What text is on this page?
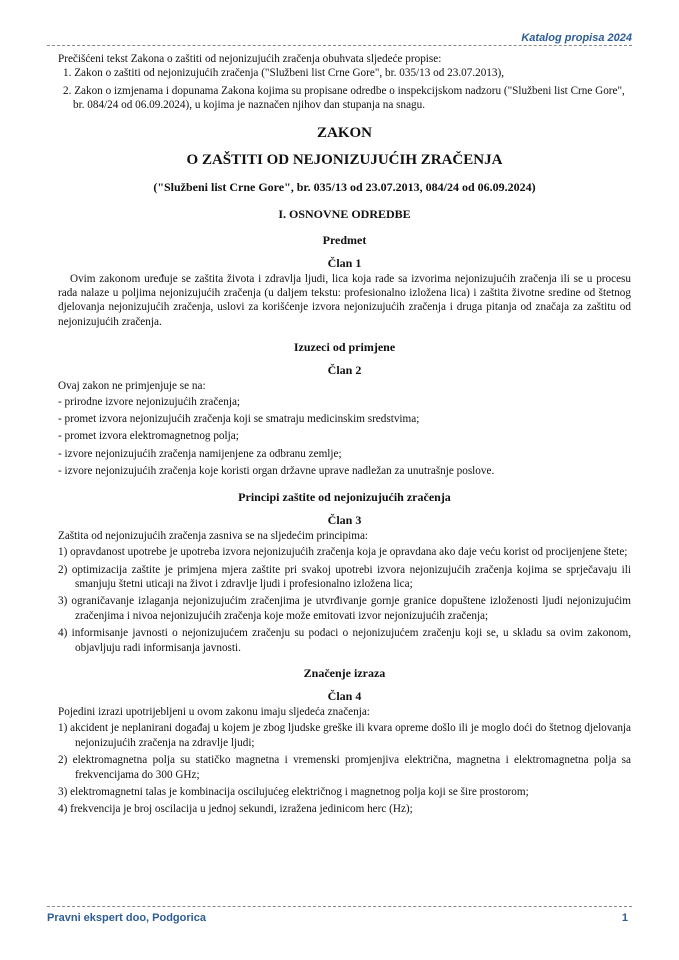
Katalog propisa 2024

Prečišćeni tekst Zakona o zaštiti od nejonizujućih zračenja obuhvata sljedeće propise:

1. Zakon o zaštiti od nejonizujućih zračenja ("Službeni list Crne Gore", br. 035/13 od 23.07.2013),

2. Zakon o izmjenama i dopunama Zakona kojima su propisane odredbe o inspekcijskom nadzoru ("Službeni list Crne Gore", br. 084/24 od 06.09.2024), u kojima je naznačen njihov dan stupanja na snagu.

ZAKON

O ZAŠTITI OD NEJONIZUJUĆIH ZRAČENJA

("Službeni list Crne Gore", br. 035/13 od 23.07.2013, 084/24 od 06.09.2024)

I. OSNOVNE ODREDBE

Predmet

Član 1

Ovim zakonom uređuje se zaštita života i zdravlja ljudi, lica koja rade sa izvorima nejonizujućih zračenja ili se u procesu rada nalaze u poljima nejonizujućih zračenja (u daljem tekstu: profesionalno izložena lica) i zaštita životne sredine od štetnog djelovanja nejonizujućih zračenja, uslovi za korišćenje izvora nejonizujućih zračenja i druga pitanja od značaja za zaštitu od nejonizujućih zračenja.

Izuzeci od primjene

Član 2

Ovaj zakon ne primjenjuje se na:

- prirodne izvore nejonizujućih zračenja;

- promet izvora nejonizujućih zračenja koji se smatraju medicinskim sredstvima;

- promet izvora elektromagnetnog polja;

- izvore nejonizujućih zračenja namijenjene za odbranu zemlje;

- izvore nejonizujućih zračenja koje koristi organ državne uprave nadležan za unutrašnje poslove.

Principi zaštite od nejonizujućih zračenja

Član 3

Zaštita od nejonizujućih zračenja zasniva se na sljedećim principima:

1) opravdanost upotrebe je upotreba izvora nejonizujućih zračenja koja je opravdana ako daje veću korist od procijenjene štete;

2) optimizacija zaštite je primjena mjera zaštite pri svakoj upotrebi izvora nejonizujućih zračenja kojima se sprječavaju ili smanjuju štetni uticaji na život i zdravlje ljudi i profesionalno izložena lica;

3) ograničavanje izlaganja nejonizujućim zračenjima je utvrđivanje gornje granice dopuštene izloženosti ljudi nejonizujućim zračenjima i nivoa nejonizujućih zračenja koje može emitovati izvor nejonizujućih zračenja;

4) informisanje javnosti o nejonizujućem zračenju su podaci o nejonizujućem zračenju koji se, u skladu sa ovim zakonom, objavljuju radi informisanja javnosti.

Značenje izraza

Član 4

Pojedini izrazi upotrijebljeni u ovom zakonu imaju sljedeća značenja:

1) akcident je neplanirani događaj u kojem je zbog ljudske greške ili kvara opreme došlo ili je moglo doći do štetnog djelovanja nejonizujućih zračenja na zdravlje ljudi;

2) elektromagnetna polja su statičko magnetna i vremenski promjenjiva električna, magnetna i elektromagnetna polja sa frekvencijama do 300 GHz;

3) elektromagnetni talas je kombinacija oscilujućeg električnog i magnetnog polja koji se šire prostorom;

4) frekvencija je broj oscilacija u jednoj sekundi, izražena jedinicom herc (Hz);

Pravni ekspert doo, Podgorica	1
